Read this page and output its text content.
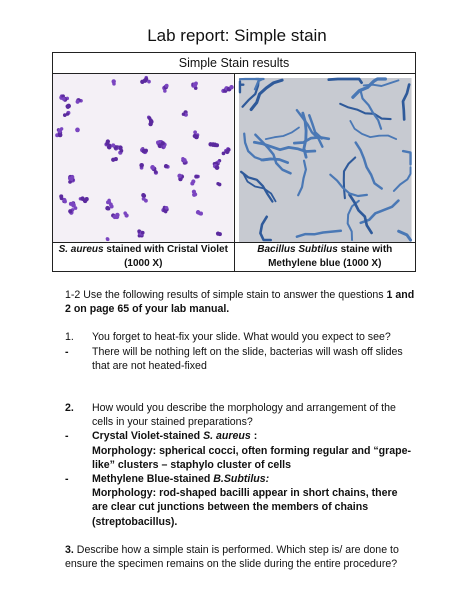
Lab report: Simple stain
Simple Stain results	

S. aureus stained with Cristal Violet (1000 X)	Bacillus Subtilus staine with Methylene blue (1000 X)

1-2 Use the following results of simple stain to answer the questions 1 and 2 on page 65 of your lab manual.

1.	You forget to heat-fix your slide. What would you expect to see?
-	There will be nothing left on the slide, bacterias will wash off slides that are not heated-fixed
2.	How would you describe the morphology and arrangement of the cells in your stained preparations?
-	Crystal Violet-stained S. aureus :
Morphology: spherical cocci, often forming regular and “grape-like” clusters – staphylo cluster of cells
-	Methylene Blue-stained B.Subtilus:
Morphology: rod-shaped bacilli appear in short chains, there are clear cut junctions between the members of chains (streptobacillus).

3. Describe how a simple stain is performed. Which step is/ are done to ensure the specimen remains on the slide during the entire procedure?
